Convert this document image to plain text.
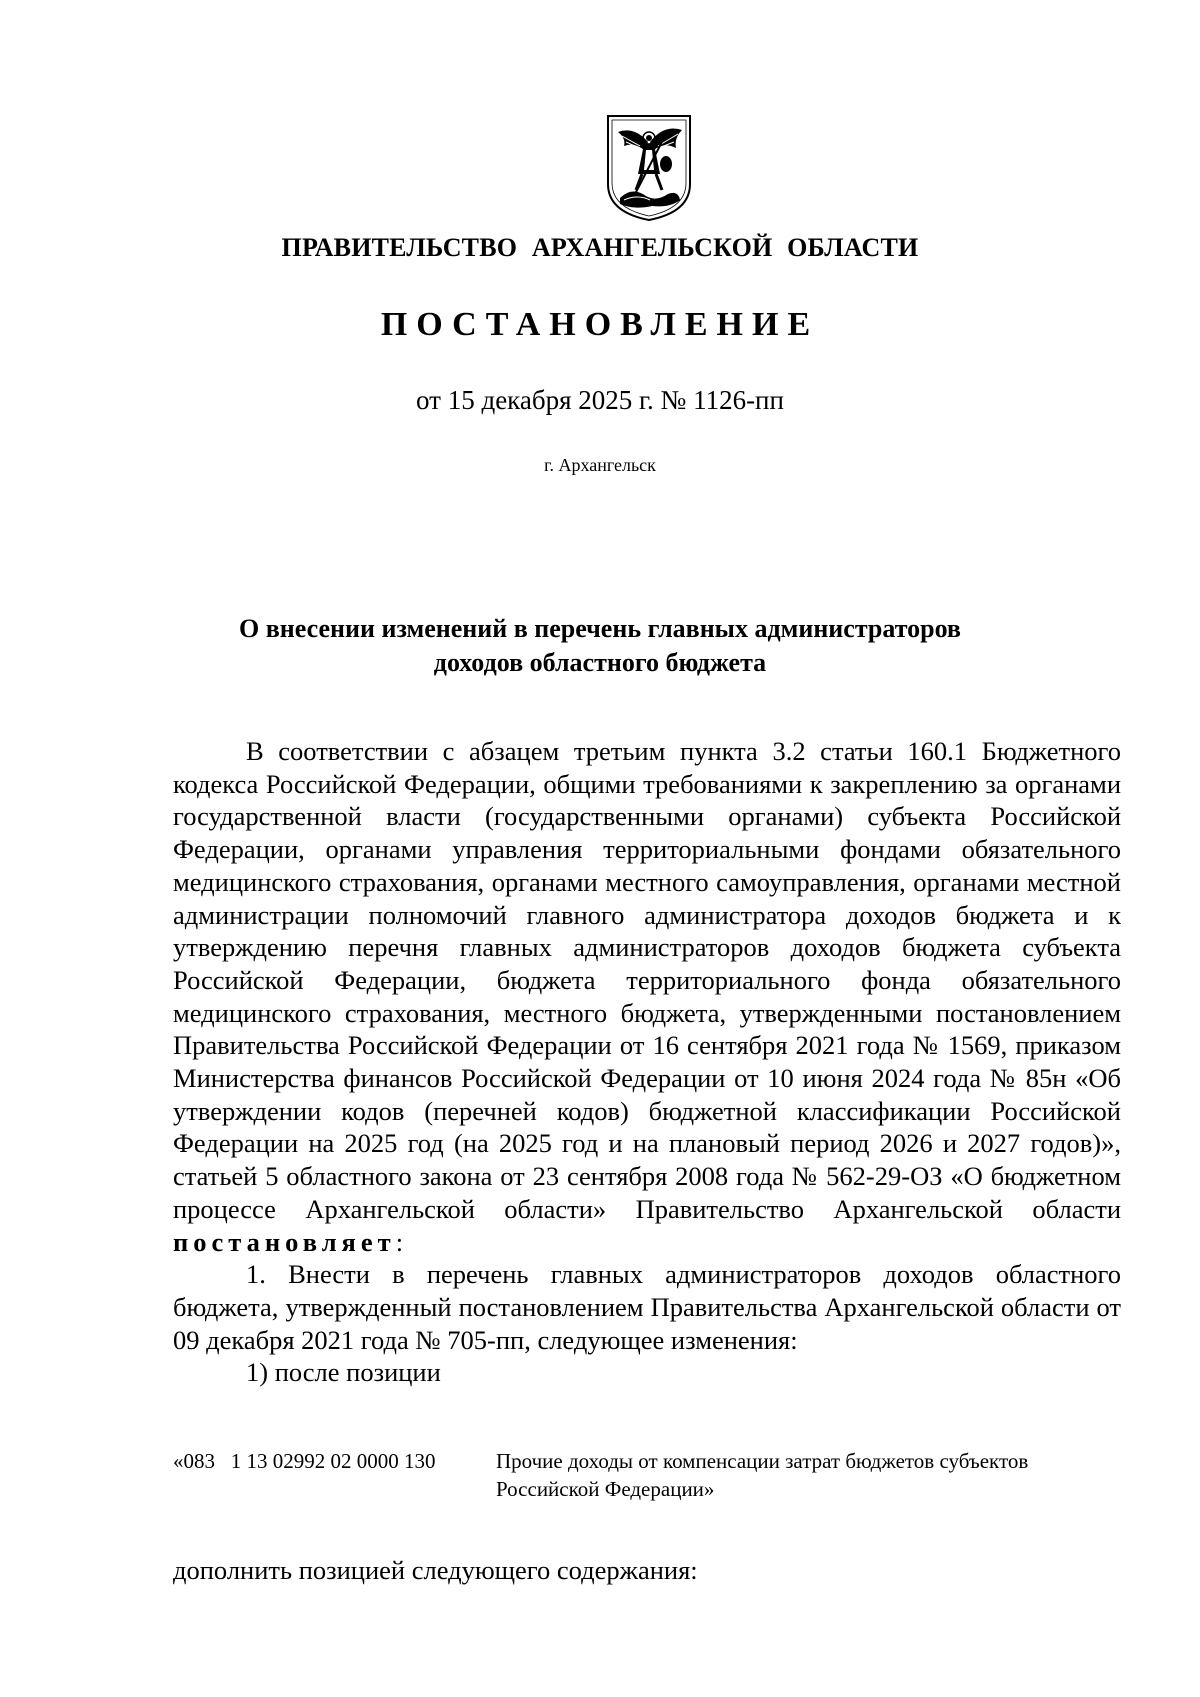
ПРАВИТЕЛЬСТВО АРХАНГЕЛЬСКОЙ ОБЛАСТИ
ПОСТАНОВЛЕНИЕ
от 15 декабря 2025 г. № 1126-пп
г. Архангельск
О внесении изменений в перечень главных администраторов
доходов областного бюджета

В соответствии с абзацем третьим пункта 3.2 статьи 160.1 Бюджетного кодекса Российской Федерации, общими требованиями к закреплению за органами государственной власти (государственными органами) субъекта Российской Федерации, органами управления территориальными фондами обязательного медицинского страхования, органами местного самоуправления, органами местной администрации полномочий главного администратора доходов бюджета и к утверждению перечня главных администраторов доходов бюджета субъекта Российской Федерации, бюджета территориального фонда обязательного медицинского страхования, местного бюджета, утвержденными постановлением Правительства Российской Федерации от 16 сентября 2021 года № 1569, приказом Министерства финансов Российской Федерации от 10 июня 2024 года № 85н «Об утверждении кодов (перечней кодов) бюджетной классификации Российской Федерации на 2025 год (на 2025 год и на плановый период 2026 и 2027 годов)», статьей 5 областного закона от 23 сентября 2008 года № 562-29-ОЗ «О бюджетном процессе Архангельской области» Правительство Архангельской области постановляет:

1. Внести в перечень главных администраторов доходов областного бюджета, утвержденный постановлением Правительства Архангельской области от 09 декабря 2021 года № 705-пп, следующее изменения:

1) после позиции

«083   1 13 02992 02 0000 130	Прочие доходы от компенсации затрат бюджетов субъектов Российской Федерации»
дополнить позицией следующего содержания:
